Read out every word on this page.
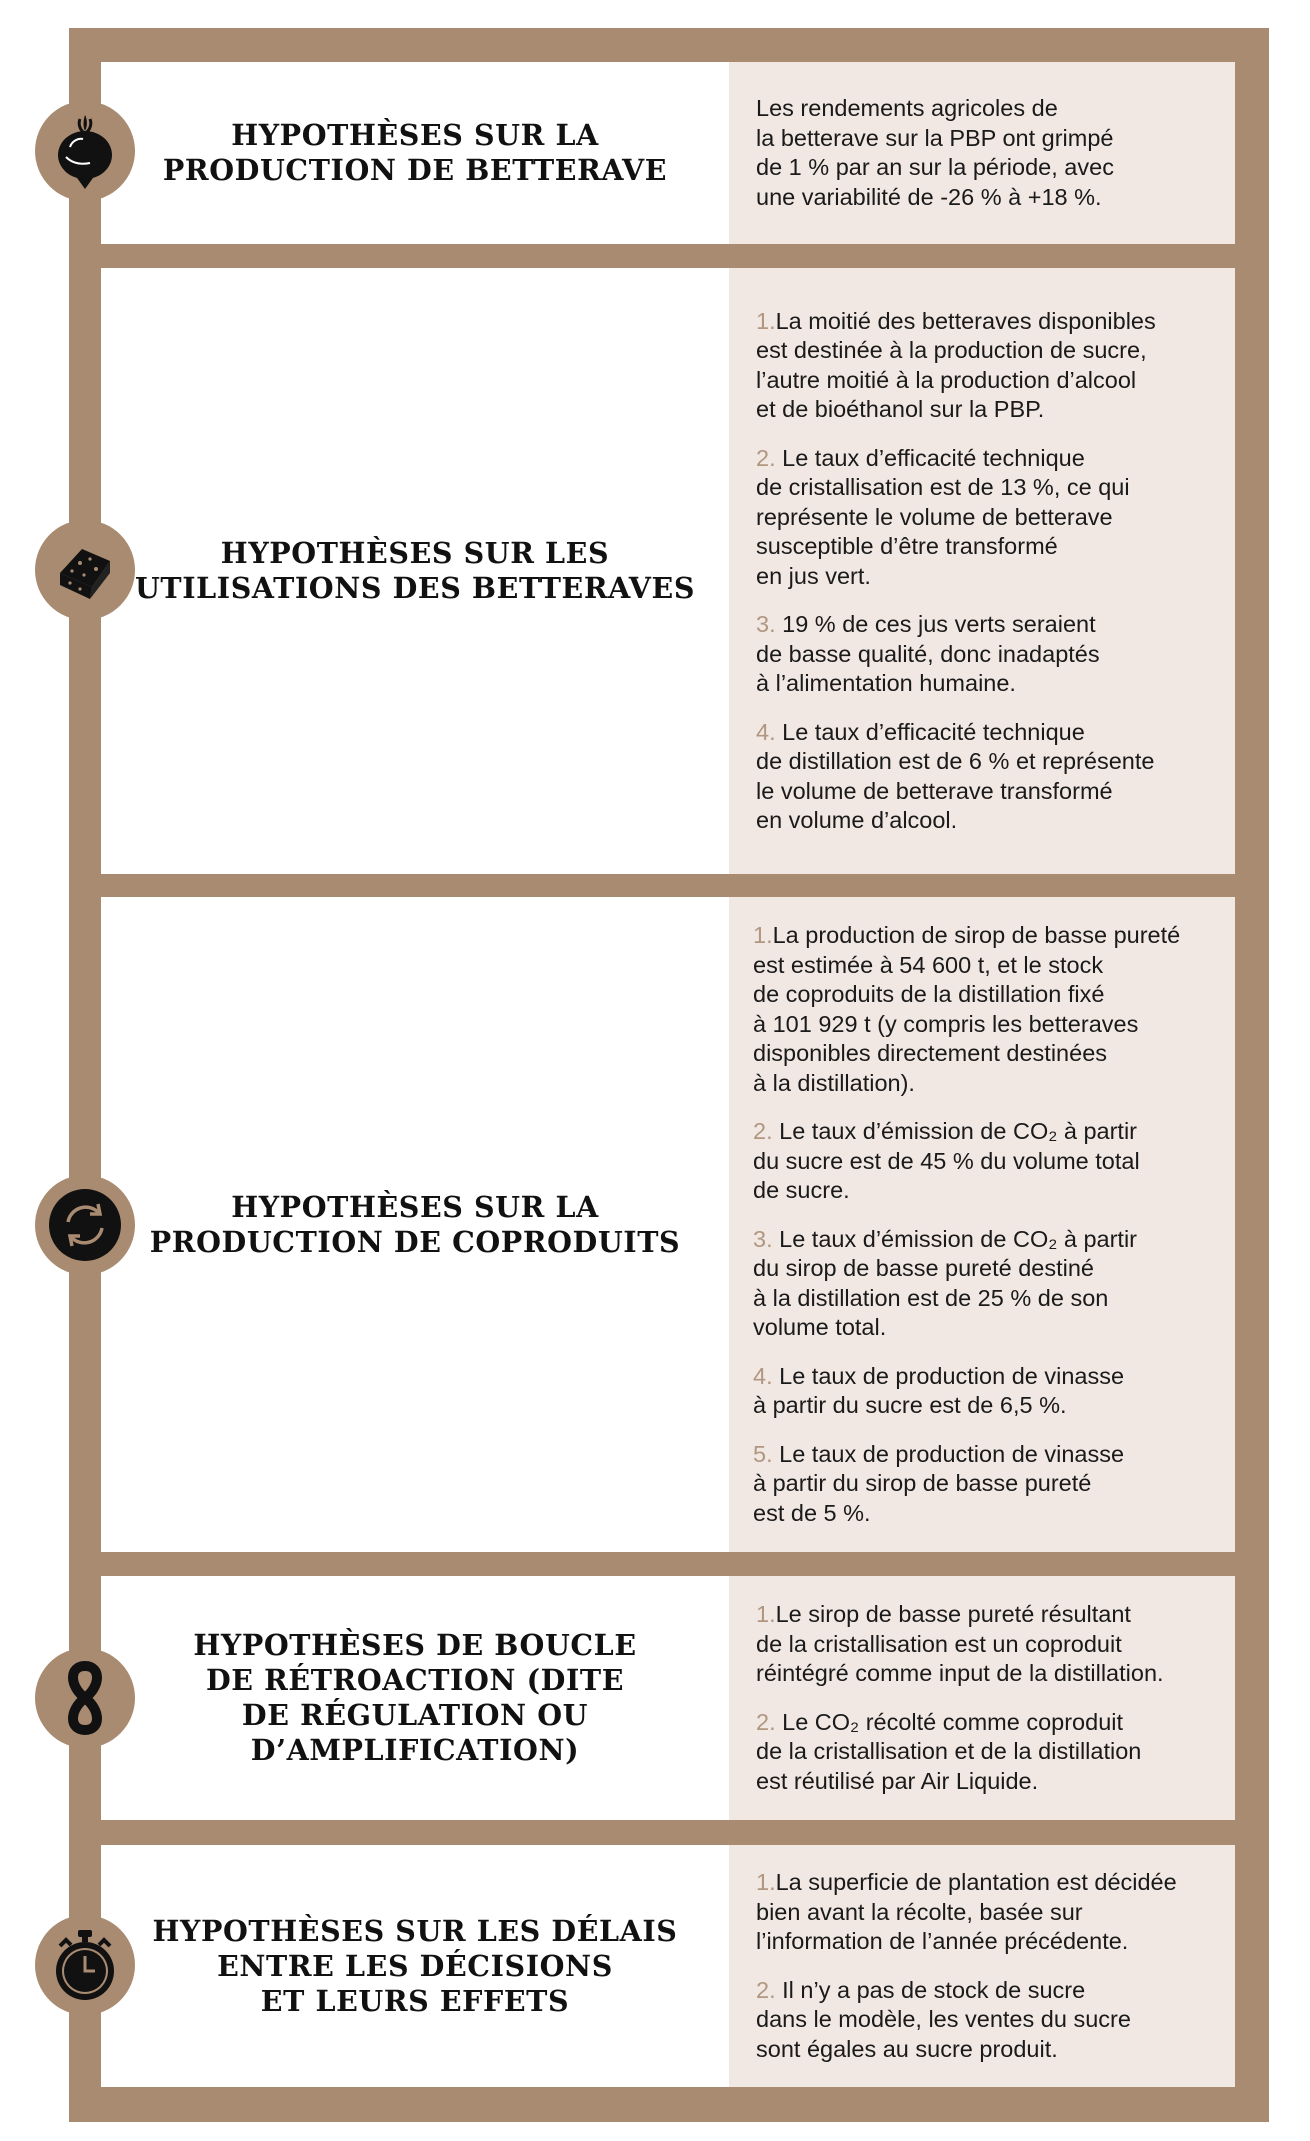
HYPOTHÈSES SUR LA
PRODUCTION DE BETTERAVE

Les rendements agricoles de
la betterave sur la PBP ont grimpé
de 1 % par an sur la période, avec
une variabilité de -26 % à +18 %.

HYPOTHÈSES SUR LES
UTILISATIONS DES BETTERAVES

1.La moitié des betteraves disponibles
est destinée à la production de sucre,
l’autre moitié à la production d’alcool
et de bioéthanol sur la PBP.

2. Le taux d’efficacité technique
de cristallisation est de 13 %, ce qui
représente le volume de betterave
susceptible d’être transformé
en jus vert.

3. 19 % de ces jus verts seraient
de basse qualité, donc inadaptés
à l’alimentation humaine.

4. Le taux d’efficacité technique
de distillation est de 6 % et représente
le volume de betterave transformé
en volume d’alcool.

HYPOTHÈSES SUR LA
PRODUCTION DE COPRODUITS

1.La production de sirop de basse pureté
est estimée à 54 600 t, et le stock
de coproduits de la distillation fixé
à 101 929 t (y compris les betteraves
disponibles directement destinées
à la distillation).

2. Le taux d’émission de CO₂ à partir
du sucre est de 45 % du volume total
de sucre.

3. Le taux d’émission de CO₂ à partir
du sirop de basse pureté destiné
à la distillation est de 25 % de son
volume total.

4. Le taux de production de vinasse
à partir du sucre est de 6,5 %.

5. Le taux de production de vinasse
à partir du sirop de basse pureté
est de 5 %.

HYPOTHÈSES DE BOUCLE
DE RÉTROACTION (DITE
DE RÉGULATION OU
D’AMPLIFICATION)

1.Le sirop de basse pureté résultant
de la cristallisation est un coproduit
réintégré comme input de la distillation.

2. Le CO₂ récolté comme coproduit
de la cristallisation et de la distillation
est réutilisé par Air Liquide.

HYPOTHÈSES SUR LES DÉLAIS
ENTRE LES DÉCISIONS
ET LEURS EFFETS

1.La superficie de plantation est décidée
bien avant la récolte, basée sur
l’information de l’année précédente.

2. Il n’y a pas de stock de sucre
dans le modèle, les ventes du sucre
sont égales au sucre produit.
